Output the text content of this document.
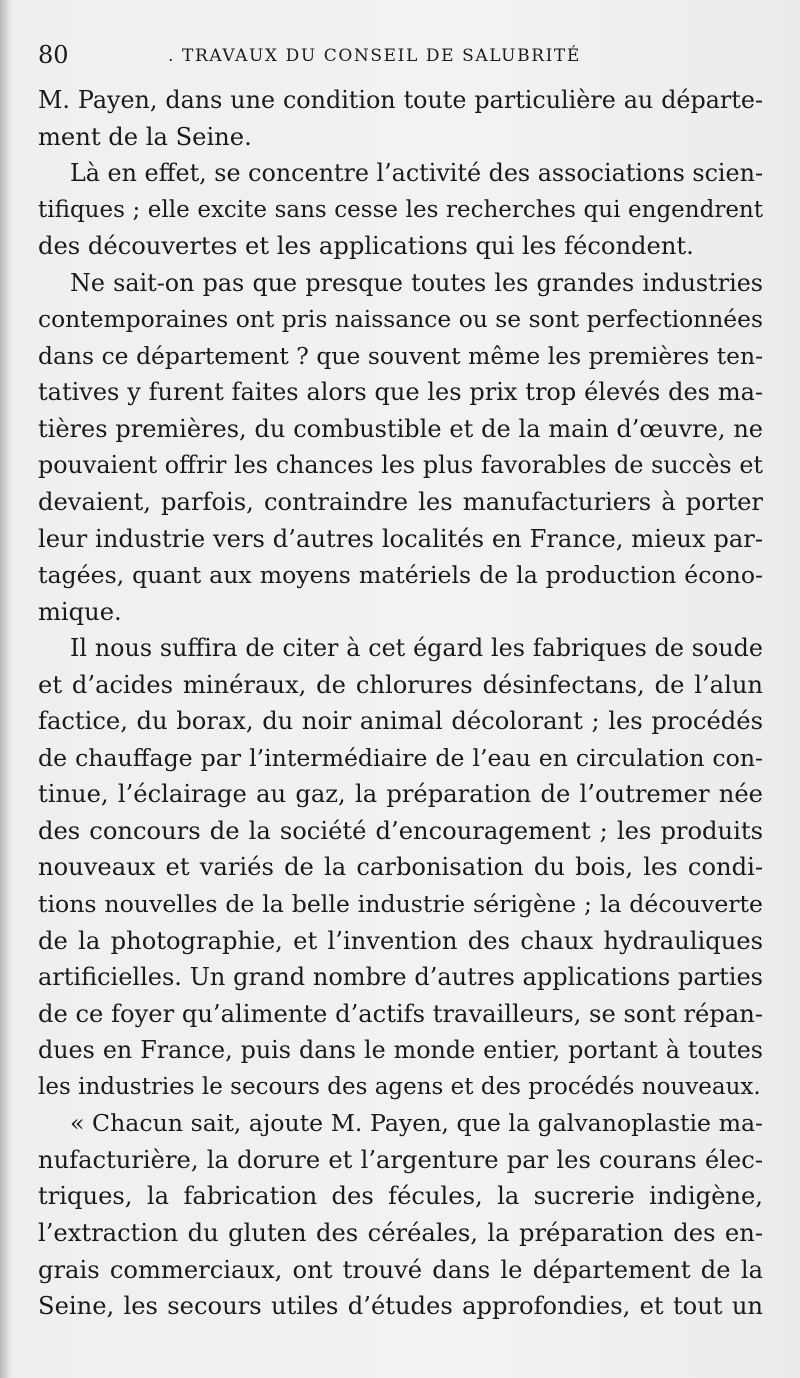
80	. TRAVAUX DU CONSEIL DE SALUBRITÉ
M. Payen, dans une condition toute particulière au départe-
ment de la Seine.
Là en effet, se concentre l’activité des associations scien-
tifiques ; elle excite sans cesse les recherches qui engendrent
des découvertes et les applications qui les fécondent.
Ne sait-on pas que presque toutes les grandes industries
contemporaines ont pris naissance ou se sont perfectionnées
dans ce département ? que souvent même les premières ten-
tatives y furent faites alors que les prix trop élevés des ma-
tières premières, du combustible et de la main d’œuvre, ne
pouvaient offrir les chances les plus favorables de succès et
devaient, parfois, contraindre les manufacturiers à porter
leur industrie vers d’autres localités en France, mieux par-
tagées, quant aux moyens matériels de la production écono-
mique.
Il nous suffira de citer à cet égard les fabriques de soude
et d’acides minéraux, de chlorures désinfectans, de l’alun
factice, du borax, du noir animal décolorant ; les procédés
de chauffage par l’intermédiaire de l’eau en circulation con-
tinue, l’éclairage au gaz, la préparation de l’outremer née
des concours de la société d’encouragement ; les produits
nouveaux et variés de la carbonisation du bois, les condi-
tions nouvelles de la belle industrie sérigène ; la découverte
de la photographie, et l’invention des chaux hydrauliques
artificielles. Un grand nombre d’autres applications parties
de ce foyer qu’alimente d’actifs travailleurs, se sont répan-
dues en France, puis dans le monde entier, portant à toutes
les industries le secours des agens et des procédés nouveaux.
« Chacun sait, ajoute M. Payen, que la galvanoplastie ma-
nufacturière, la dorure et l’argenture par les courans élec-
triques, la fabrication des fécules, la sucrerie indigène,
l’extraction du gluten des céréales, la préparation des en-
grais commerciaux, ont trouvé dans le département de la
Seine, les secours utiles d’études approfondies, et tout un
